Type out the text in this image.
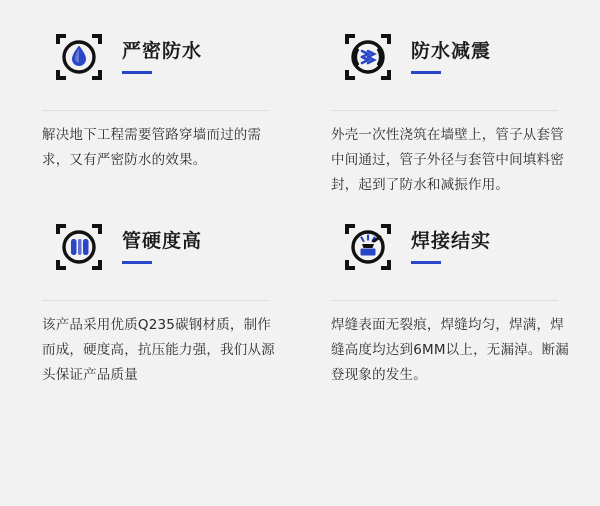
严密防水
解决地下工程需要管路穿墙而过的需求，又有严密防水的效果。
防水减震
外壳一次性浇筑在墙壁上，管子从套管中间通过，管子外径与套管中间填料密封，起到了防水和减振作用。
管硬度高
该产品采用优质Q235碳钢材质，制作而成，硬度高，抗压能力强，我们从源头保证产品质量
焊接结实
焊缝表面无裂痕，焊缝均匀，焊满，焊缝高度均达到6MM以上，无漏淖。断漏登现象的发生。
